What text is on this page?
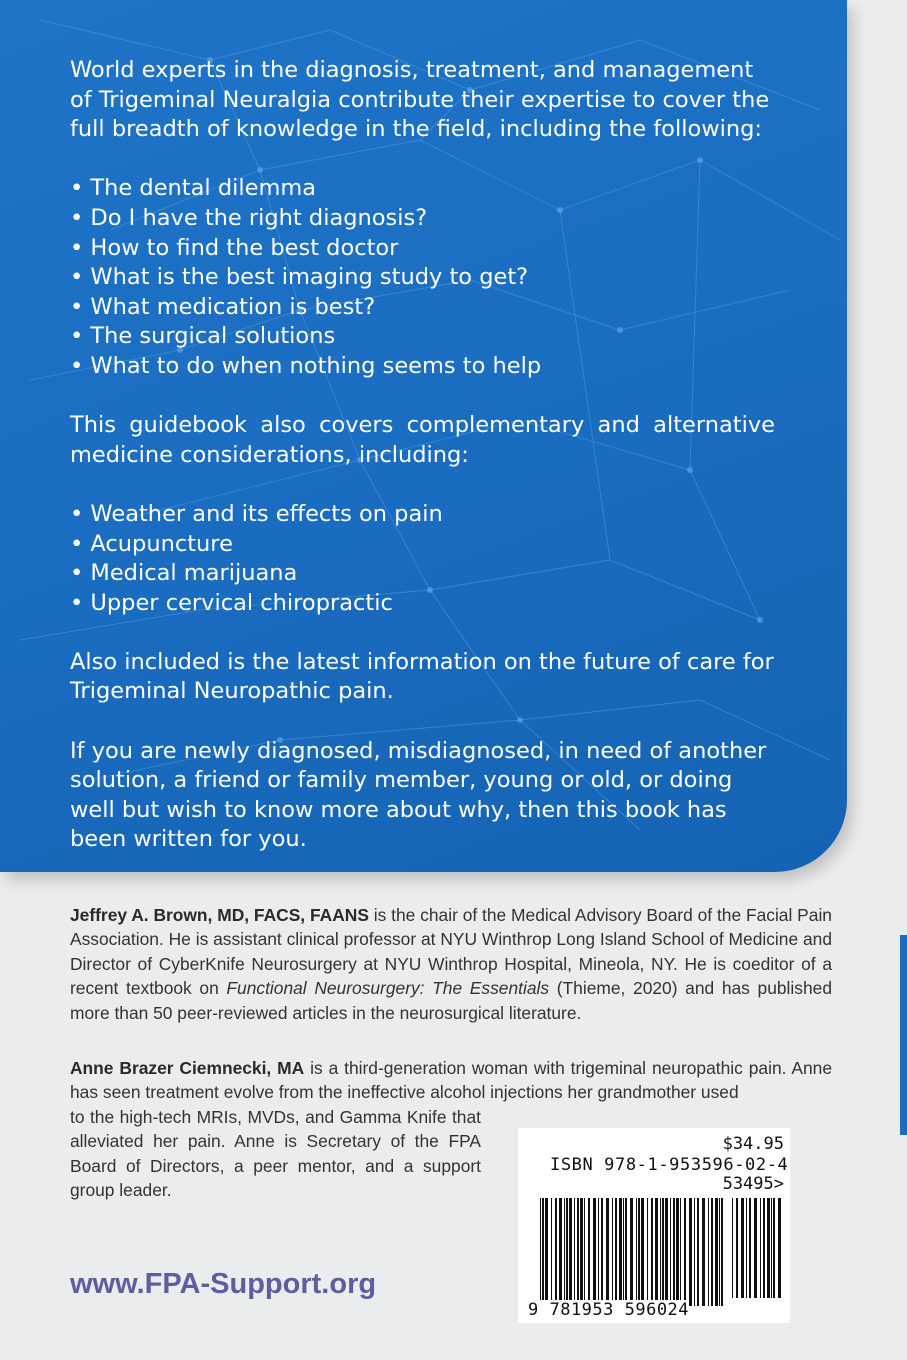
World experts in the diagnosis, treatment, and management of Trigeminal Neuralgia contribute their expertise to cover the full breadth of knowledge in the field, including the following:

• The dental dilemma
• Do I have the right diagnosis?
• How to find the best doctor
• What is the best imaging study to get?
• What medication is best?
• The surgical solutions
• What to do when nothing seems to help

This guidebook also covers complementary and alternative medicine considerations, including:

• Weather and its effects on pain
• Acupuncture
• Medical marijuana
• Upper cervical chiropractic

Also included is the latest information on the future of care for Trigeminal Neuropathic pain.

If you are newly diagnosed, misdiagnosed, in need of another solution, a friend or family member, young or old, or doing well but wish to know more about why, then this book has been written for you.

Jeffrey A. Brown, MD, FACS, FAANS is the chair of the Medical Advisory Board of the Facial Pain Association. He is assistant clinical professor at NYU Winthrop Long Island School of Medicine and Director of CyberKnife Neurosurgery at NYU Winthrop Hospital, Mineola, NY. He is coeditor of a recent textbook on Functional Neurosurgery: The Essentials (Thieme, 2020) and has published more than 50 peer-reviewed articles in the neurosurgical literature.
Anne Brazer Ciemnecki, MA is a third-generation woman with trigeminal neuropathic pain. Anne has seen treatment evolve from the ineffective alcohol injections her grandmother used
to the high-tech MRIs, MVDs, and Gamma Knife that alleviated her pain. Anne is Secretary of the FPA Board of Directors, a peer mentor, and a support group leader.
www.FPA-Support.org
$34.95
ISBN 978-1-953596-02-4
53495>
9 781953 596024
